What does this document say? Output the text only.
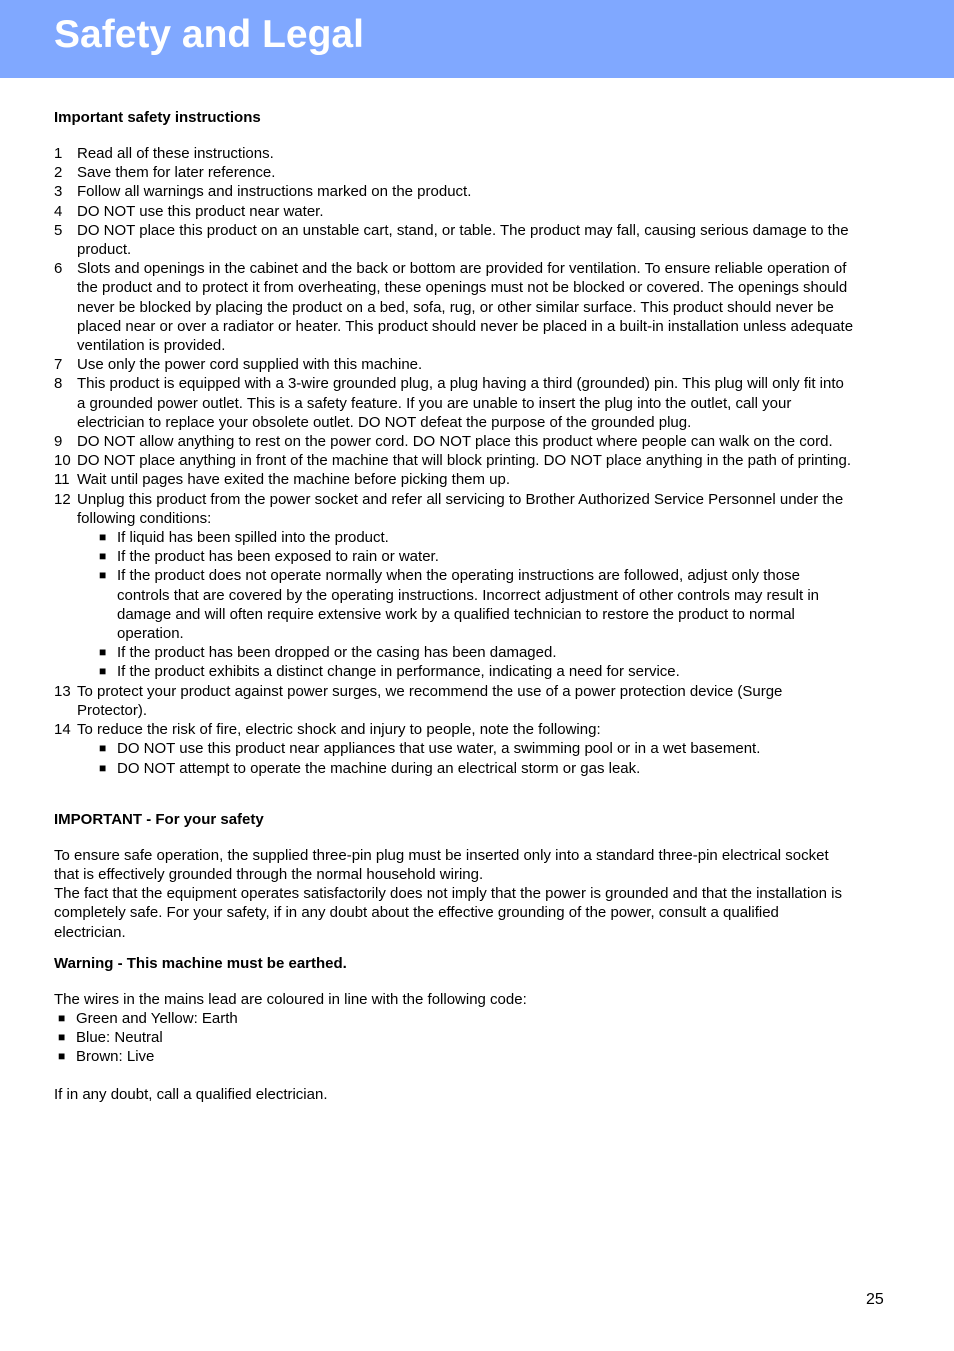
Safety and Legal
Important safety instructions
1 Read all of these instructions.
2 Save them for later reference.
3 Follow all warnings and instructions marked on the product.
4 DO NOT use this product near water.
5 DO NOT place this product on an unstable cart, stand, or table. The product may fall, causing serious damage to the product.
6 Slots and openings in the cabinet and the back or bottom are provided for ventilation. To ensure reliable operation of the product and to protect it from overheating, these openings must not be blocked or covered. The openings should never be blocked by placing the product on a bed, sofa, rug, or other similar surface. This product should never be placed near or over a radiator or heater. This product should never be placed in a built-in installation unless adequate ventilation is provided.
7 Use only the power cord supplied with this machine.
8 This product is equipped with a 3-wire grounded plug, a plug having a third (grounded) pin. This plug will only fit into a grounded power outlet. This is a safety feature. If you are unable to insert the plug into the outlet, call your electrician to replace your obsolete outlet. DO NOT defeat the purpose of the grounded plug.
9 DO NOT allow anything to rest on the power cord. DO NOT place this product where people can walk on the cord.
10 DO NOT place anything in front of the machine that will block printing. DO NOT place anything in the path of printing.
11 Wait until pages have exited the machine before picking them up.
12 Unplug this product from the power socket and refer all servicing to Brother Authorized Service Personnel under the following conditions:
■ If liquid has been spilled into the product.
■ If the product has been exposed to rain or water.
■ If the product does not operate normally when the operating instructions are followed, adjust only those controls that are covered by the operating instructions. Incorrect adjustment of other controls may result in damage and will often require extensive work by a qualified technician to restore the product to normal operation.
■ If the product has been dropped or the casing has been damaged.
■ If the product exhibits a distinct change in performance, indicating a need for service.
13 To protect your product against power surges, we recommend the use of a power protection device (Surge Protector).
14 To reduce the risk of fire, electric shock and injury to people, note the following:
■ DO NOT use this product near appliances that use water, a swimming pool or in a wet basement.
■ DO NOT attempt to operate the machine during an electrical storm or gas leak.
IMPORTANT - For your safety

To ensure safe operation, the supplied three-pin plug must be inserted only into a standard three-pin electrical socket that is effectively grounded through the normal household wiring.

The fact that the equipment operates satisfactorily does not imply that the power is grounded and that the installation is completely safe. For your safety, if in any doubt about the effective grounding of the power, consult a qualified electrician.

Warning - This machine must be earthed.

The wires in the mains lead are coloured in line with the following code:

■ Green and Yellow: Earth
■ Blue: Neutral
■ Brown: Live

If in any doubt, call a qualified electrician.

25
